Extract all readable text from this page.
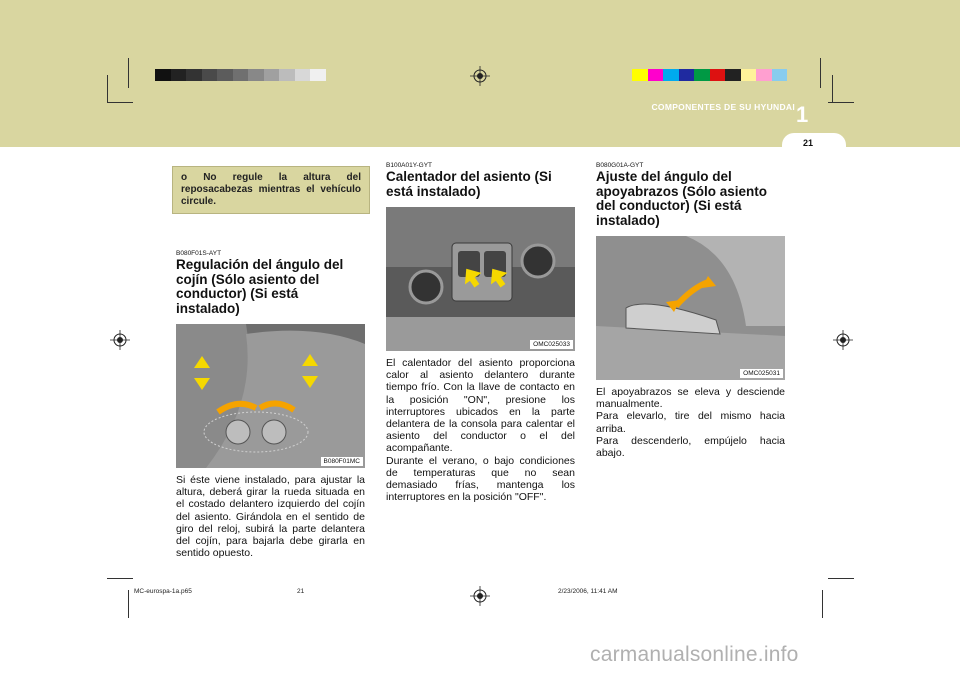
COMPONENTES DE SU HYUNDAI 1
21

o No regule la altura del reposacabezas mientras el vehículo circule.

B080F01S-AYT
Regulación del ángulo del cojín (Sólo asiento del conductor) (Si está instalado)
B080F01MC

Si éste viene instalado, para ajustar la altura, deberá girar la rueda situada en el costado delantero izquierdo del cojín del asiento. Girándola en el sentido de giro del reloj, subirá la parte delantera del cojín, para bajarla debe girarla en sentido opuesto.

B100A01Y-GYT
Calentador del asiento (Si está instalado)
OMC025033

El calentador del asiento proporciona calor al asiento delantero durante tiempo frío. Con la llave de contacto en la posición "ON", presione los interruptores ubicados en la parte delantera de la consola para calentar el asiento del conductor o el del acompañante.
Durante el verano, o bajo condiciones de temperaturas que no sean demasiado frías, mantenga los interruptores en la posición "OFF".

B080G01A-GYT
Ajuste del ángulo del apoyabrazos (Sólo asiento del conductor) (Si está instalado)
OMC025031

El apoyabrazos se eleva y desciende manualmente.
Para elevarlo, tire del mismo hacia arriba.
Para descenderlo, empújelo hacia abajo.

MC-eurospa-1a.p65	21	2/23/2006, 11:41 AM
carmanualsonline.info
